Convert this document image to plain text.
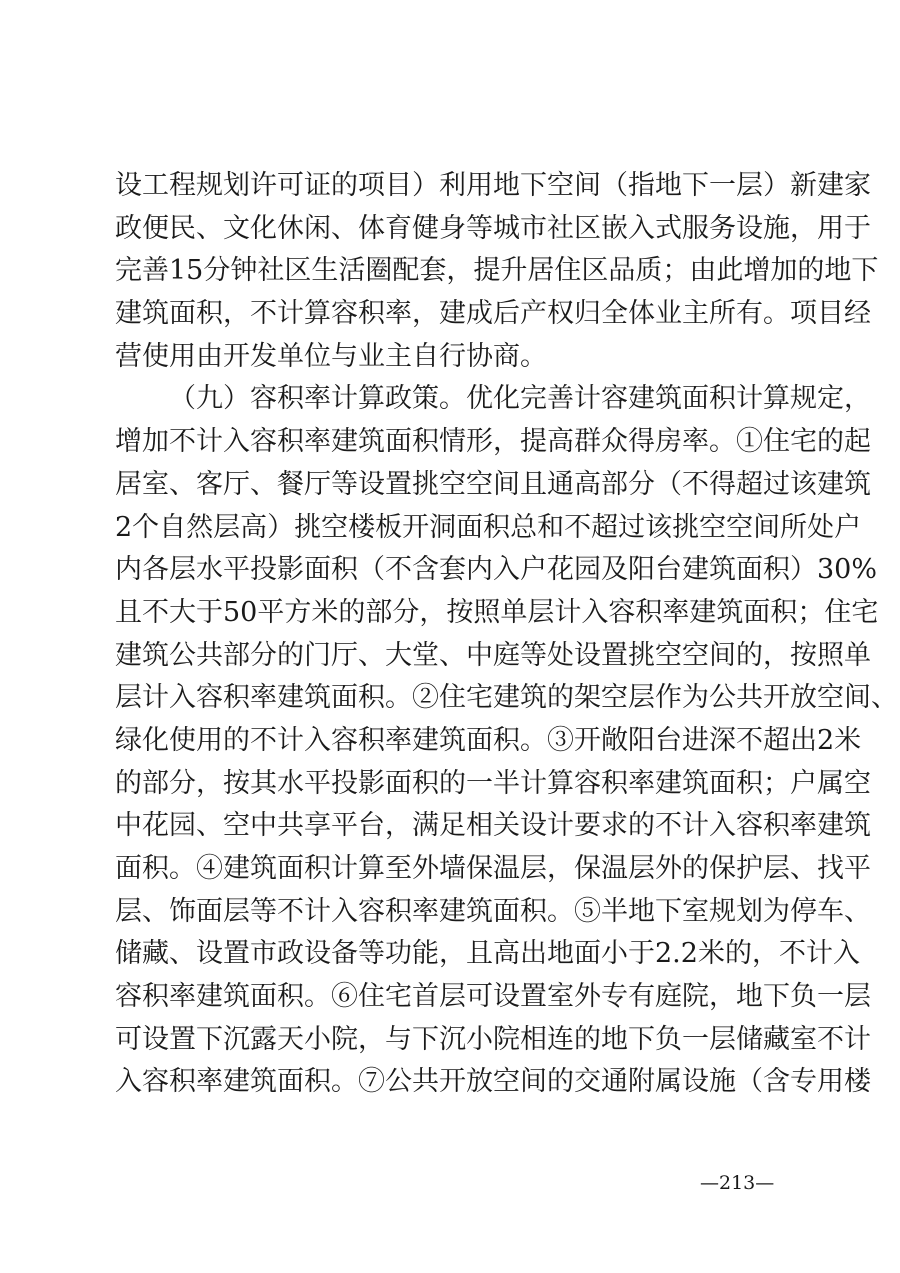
设工程规划许可证的项目）利用地下空间（指地下一层）新建家
政便民、文化休闲、体育健身等城市社区嵌入式服务设施，用于
完善15分钟社区生活圈配套，提升居住区品质；由此增加的地下
建筑面积，不计算容积率，建成后产权归全体业主所有。项目经
营使用由开发单位与业主自行协商。
（九）容积率计算政策。优化完善计容建筑面积计算规定，
增加不计入容积率建筑面积情形，提高群众得房率。①住宅的起
居室、客厅、餐厅等设置挑空空间且通高部分（不得超过该建筑
2个自然层高）挑空楼板开洞面积总和不超过该挑空空间所处户
内各层水平投影面积（不含套内入户花园及阳台建筑面积）30%
且不大于50平方米的部分，按照单层计入容积率建筑面积；住宅
建筑公共部分的门厅、大堂、中庭等处设置挑空空间的，按照单
层计入容积率建筑面积。②住宅建筑的架空层作为公共开放空间、
绿化使用的不计入容积率建筑面积。③开敞阳台进深不超出2米
的部分，按其水平投影面积的一半计算容积率建筑面积；户属空
中花园、空中共享平台，满足相关设计要求的不计入容积率建筑
面积。④建筑面积计算至外墙保温层，保温层外的保护层、找平
层、饰面层等不计入容积率建筑面积。⑤半地下室规划为停车、
储藏、设置市政设备等功能，且高出地面小于2.2米的，不计入
容积率建筑面积。⑥住宅首层可设置室外专有庭院，地下负一层
可设置下沉露天小院，与下沉小院相连的地下负一层储藏室不计
入容积率建筑面积。⑦公共开放空间的交通附属设施（含专用楼
—213—
